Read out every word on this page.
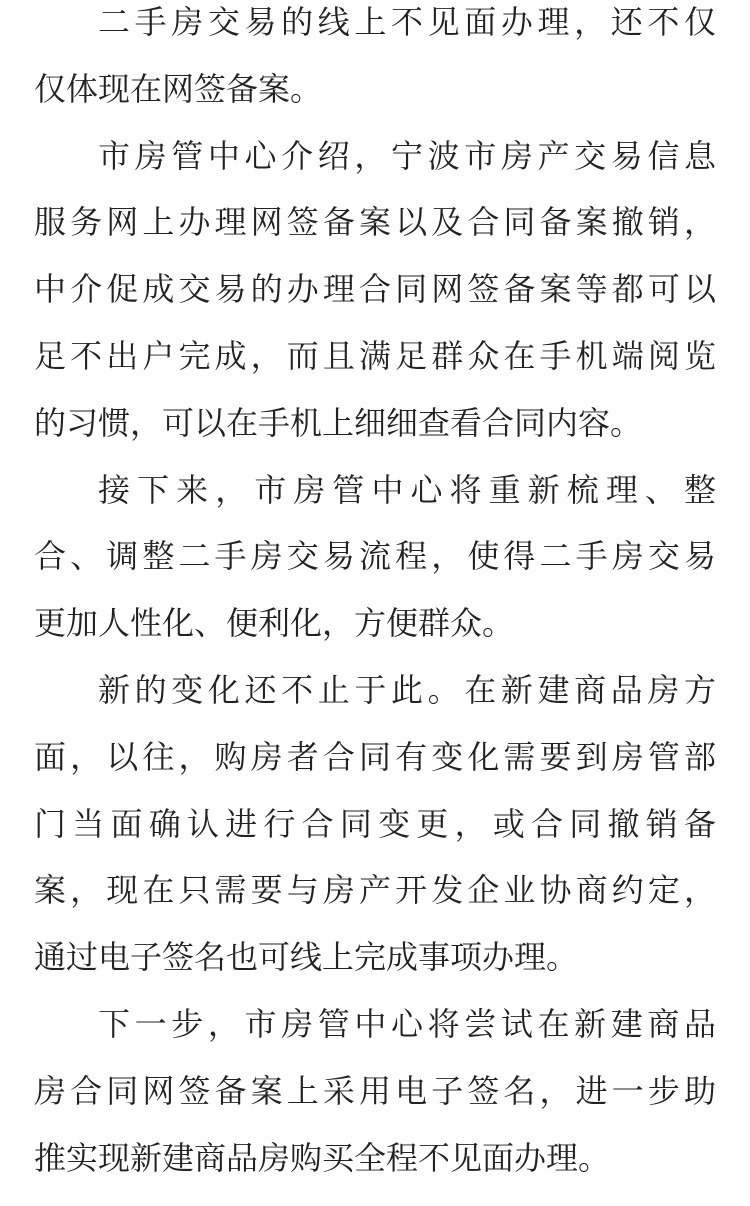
二手房交易的线上不见面办理，还不仅
仅体现在网签备案。
市房管中心介绍，宁波市房产交易信息
服务网上办理网签备案以及合同备案撤销，
中介促成交易的办理合同网签备案等都可以
足不出户完成，而且满足群众在手机端阅览
的习惯，可以在手机上细细查看合同内容。
接下来，市房管中心将重新梳理、整
合、调整二手房交易流程，使得二手房交易
更加人性化、便利化，方便群众。
新的变化还不止于此。在新建商品房方
面，以往，购房者合同有变化需要到房管部
门当面确认进行合同变更，或合同撤销备
案，现在只需要与房产开发企业协商约定，
通过电子签名也可线上完成事项办理。
下一步，市房管中心将尝试在新建商品
房合同网签备案上采用电子签名，进一步助
推实现新建商品房购买全程不见面办理。
